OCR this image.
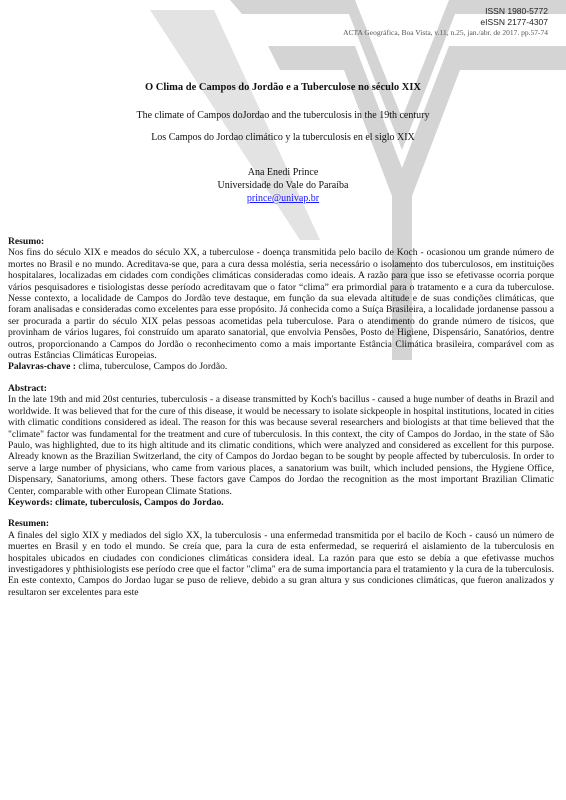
ISSN 1980-5772
eISSN 2177-4307
ACTA Geográfica, Boa Vista, v.11, n.25, jan./abr. de 2017. pp.57-74

O Clima de Campos do Jordão e a Tuberculose no século XIX

The climate of Campos doJordao and the tuberculosis in the 19th century

Los Campos do Jordao climático y la tuberculosis en el siglo XIX

Ana Enedi Prince
Universidade do Vale do Paraíba
prince@univap.br
Resumo:
Nos fins do século XIX e meados do século XX, a tuberculose - doença transmitida pelo bacilo de Koch - ocasionou um grande número de mortes no Brasil e no mundo. Acreditava-se que, para a cura dessa moléstia, seria necessário o isolamento dos tuberculosos, em instituições hospitalares, localizadas em cidades com condições climáticas consideradas como ideais. A razão para que isso se efetivasse ocorria porque vários pesquisadores e tisiologistas desse período acreditavam que o fator “clima” era primordial para o tratamento e a cura da tuberculose. Nesse contexto, a localidade de Campos do Jordão teve destaque, em função da sua elevada altitude e de suas condições climáticas, que foram analisadas e consideradas como excelentes para esse propósito. Já conhecida como a Suíça Brasileira, a localidade jordanense passou a ser procurada a partir do século XIX pelas pessoas acometidas pela tuberculose. Para o atendimento do grande número de tísicos, que provinham de vários lugares, foi construído um aparato sanatorial, que envolvia Pensões, Posto de Higiene, Dispensário, Sanatórios, dentre outros, proporcionando a Campos do Jordão o reconhecimento como a mais importante Estância Climática brasileira, comparável com as outras Estâncias Climáticas Europeias.
Palavras-chave : clima, tuberculose, Campos do Jordão.
Abstract:
In the late 19th and mid 20st centuries, tuberculosis - a disease transmitted by Koch's bacillus - caused a huge number of deaths in Brazil and worldwide. It was believed that for the cure of this disease, it would be necessary to isolate sickpeople in hospital institutions, located in cities with climatic conditions considered as ideal. The reason for this was because several researchers and biologists at that time believed that the "climate" factor was fundamental for the treatment and cure of tuberculosis. In this context, the city of Campos do Jordao, in the state of São Paulo, was highlighted, due to its high altitude and its climatic conditions, which were analyzed and considered as excellent for this purpose. Already known as the Brazilian Switzerland, the city of Campos do Jordao began to be sought by people affected by tuberculosis. In order to serve a large number of physicians, who came from various places, a sanatorium was built, which included pensions, the Hygiene Office, Dispensary, Sanatoriums, among others. These factors gave Campos do Jordao the recognition as the most important Brazilian Climatic Center, comparable with other European Climate Stations.
Keywords: climate, tuberculosis, Campos do Jordao.
Resumen:
A finales del siglo XIX y mediados del siglo XX, la tuberculosis - una enfermedad transmitida por el bacilo de Koch - causó un número de muertes en Brasil y en todo el mundo. Se creía que, para la cura de esta enfermedad, se requerirá el aislamiento de la tuberculosis en hospitales ubicados en ciudades con condiciones climáticas considera ideal. La razón para que esto se debía a que efetivasse muchos investigadores y phthisiologists ese período cree que el factor "clima" era de suma importancia para el tratamiento y la cura de la tuberculosis. En este contexto, Campos do Jordao lugar se puso de relieve, debido a su gran altura y sus condiciones climáticas, que fueron analizados y resultaron ser excelentes para este
